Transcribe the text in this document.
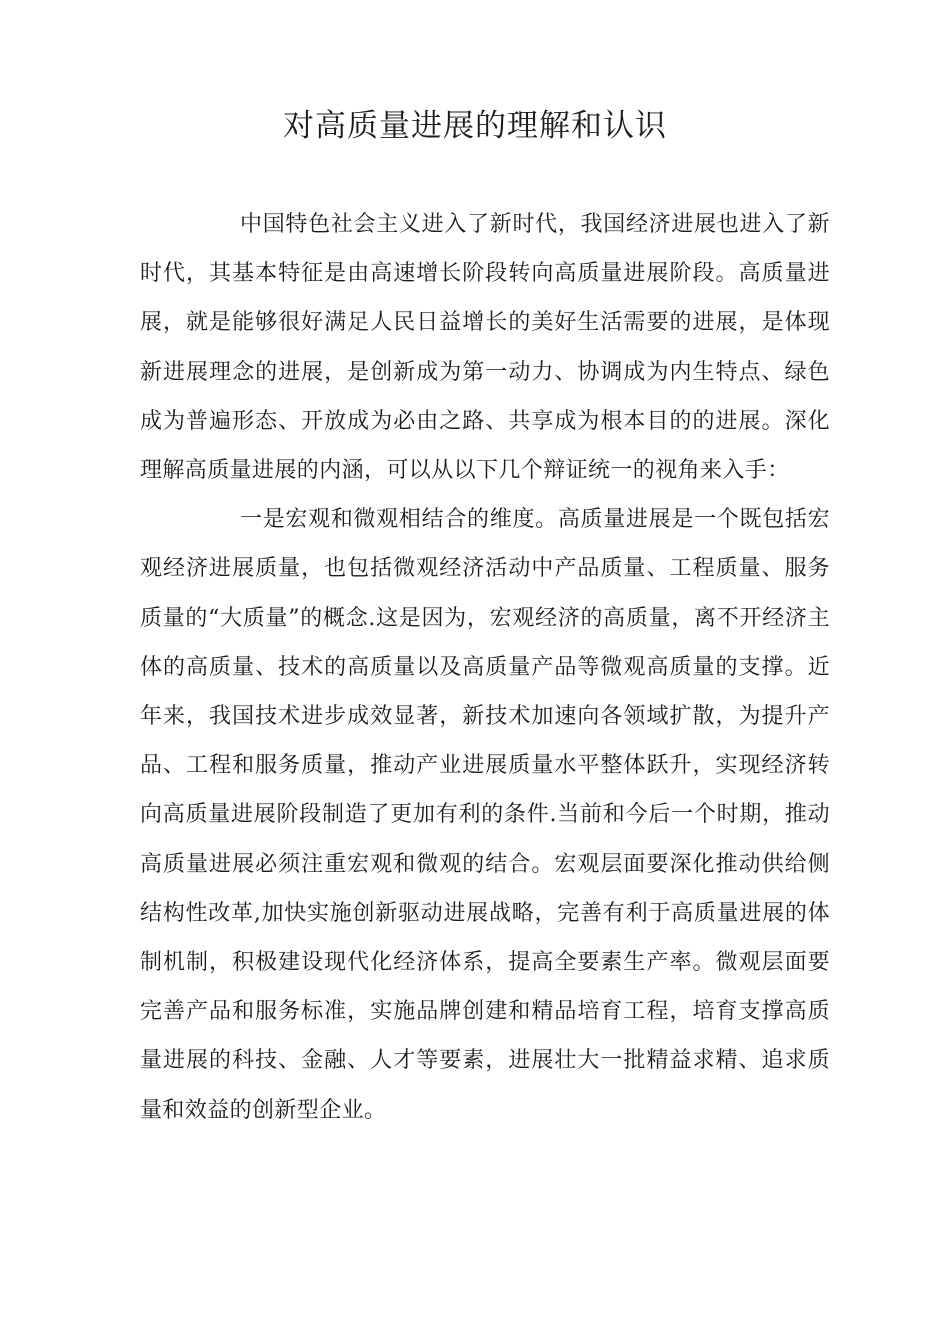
对高质量进展的理解和认识

中国特色社会主义进入了新时代，我国经济进展也进入了新时代，其基本特征是由高速增长阶段转向高质量进展阶段。高质量进展，就是能够很好满足人民日益增长的美好生活需要的进展，是体现新进展理念的进展，是创新成为第一动力、协调成为内生特点、绿色成为普遍形态、开放成为必由之路、共享成为根本目的的进展。深化理解高质量进展的内涵，可以从以下几个辩证统一的视角来入手：

一是宏观和微观相结合的维度。高质量进展是一个既包括宏观经济进展质量，也包括微观经济活动中产品质量、工程质量、服务质量的“大质量”的概念.这是因为，宏观经济的高质量，离不开经济主体的高质量、技术的高质量以及高质量产品等微观高质量的支撑。近年来，我国技术进步成效显著，新技术加速向各领域扩散，为提升产品、工程和服务质量，推动产业进展质量水平整体跃升，实现经济转向高质量进展阶段制造了更加有利的条件.当前和今后一个时期，推动高质量进展必须注重宏观和微观的结合。宏观层面要深化推动供给侧结构性改革,加快实施创新驱动进展战略，完善有利于高质量进展的体制机制，积极建设现代化经济体系，提高全要素生产率。微观层面要完善产品和服务标准，实施品牌创建和精品培育工程，培育支撑高质量进展的科技、金融、人才等要素，进展壮大一批精益求精、追求质量和效益的创新型企业。
